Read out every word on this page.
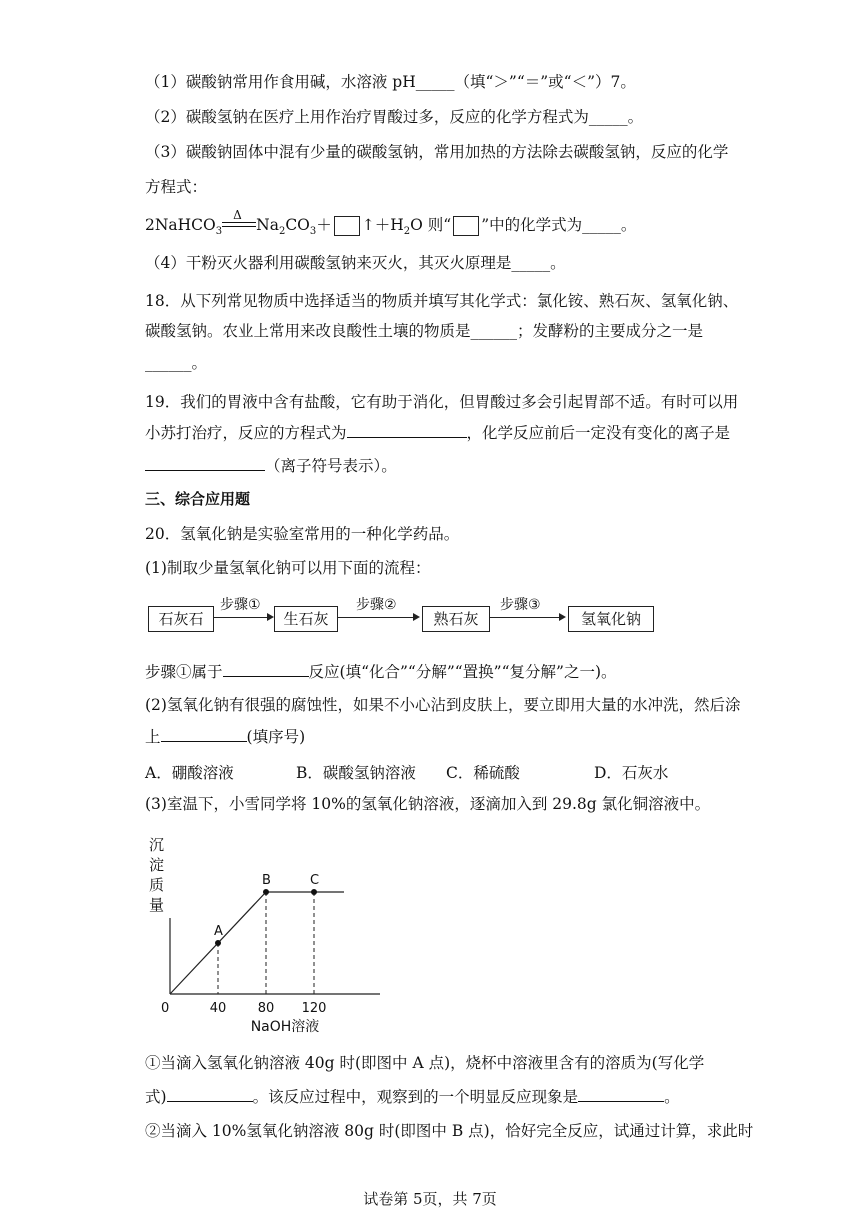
（1）碳酸钠常用作食用碱，水溶液 pH_____（填“＞”“＝”或“＜”）7。
（2）碳酸氢钠在医疗上用作治疗胃酸过多，反应的化学方程式为_____。
（3）碳酸钠固体中混有少量的碳酸氢钠，常用加热的方法除去碳酸氢钠，反应的化学
方程式：
2NaHCO$_3$
Δ
$Na_2CO_3+$ $↑+H_2O$ 则“ ”中的化学式为_____。
（4）干粉灭火器利用碳酸氢钠来灭火，其灭火原理是_____。
18．从下列常见物质中选择适当的物质并填写其化学式：氯化铵、熟石灰、氢氧化钠、
碳酸氢钠。农业上常用来改良酸性土壤的物质是______；发酵粉的主要成分之一是
______。
19．我们的胃液中含有盐酸，它有助于消化，但胃酸过多会引起胃部不适。有时可以用
小苏打治疗，反应的方程式为	，化学反应前后一定没有变化的离子是
（离子符号表示）。
三、综合应用题
20．氢氧化钠是实验室常用的一种化学药品。
(1)制取少量氢氧化钠可以用下面的流程：
石灰石
步骤①
生石灰
步骤②
熟石灰
步骤③
氢氧化钠
步骤①属于	反应(填“化合”“分解”“置换”“复分解”之一)。
(2)氢氧化钠有很强的腐蚀性，如果不小心沾到皮肤上，要立即用大量的水冲洗，然后涂
上	(填序号)
A．硼酸溶液	B．碳酸氢钠溶液 C．稀硫酸	D．石灰水
(3)室温下，小雪同学将 10%的氢氧化钠溶液，逐滴加入到 29.8g 氯化铜溶液中。
沉
淀
质
量
A
40
B
80
C
120
0
NaOH溶液
①当滴入氢氧化钠溶液 40g 时(即图中 A 点)，烧杯中溶液里含有的溶质为(写化学
式)	。该反应过程中，观察到的一个明显反应现象是	。
②当滴入 10%氢氧化钠溶液 80g 时(即图中 B 点)，恰好完全反应，试通过计算，求此时
试卷第 5页，共 7页
